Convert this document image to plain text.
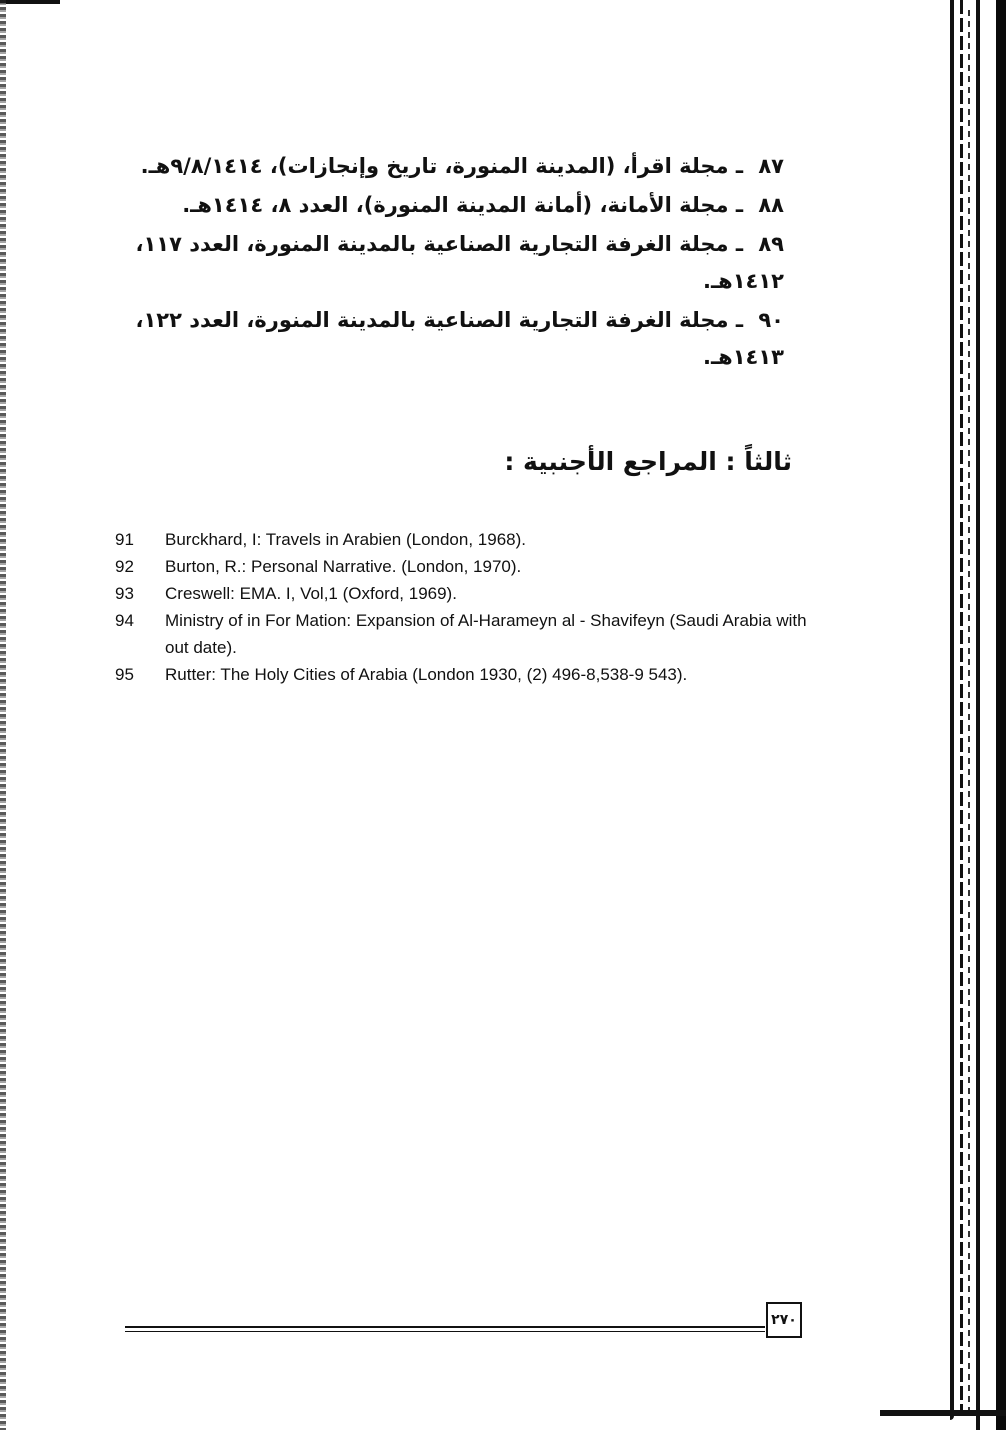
٨٧ ـ مجلة اقرأ، (المدينة المنورة، تاريخ وإنجازات)، ٩/٨/١٤١٤هـ.
٨٨ ـ مجلة الأمانة، (أمانة المدينة المنورة)، العدد ٨، ١٤١٤هـ.
٨٩ ـ مجلة الغرفة التجارية الصناعية بالمدينة المنورة، العدد ١١٧،
١٤١٢هـ.
٩٠ ـ مجلة الغرفة التجارية الصناعية بالمدينة المنورة، العدد ١٢٢،
١٤١٣هـ.
ثالثاً : المراجع الأجنبية :
91	Burckhard, I: Travels in Arabien (London, 1968).
92	Burton, R.: Personal Narrative. (London, 1970).
93	Creswell: EMA. I, Vol,1 (Oxford, 1969).
94	Ministry of in For Mation: Expansion of Al-Harameyn al - Shavifeyn (Saudi Arabia with out date).
95	Rutter: The Holy Cities of Arabia (London 1930, (2) 496-8,538-9 543).
٢٧٠
